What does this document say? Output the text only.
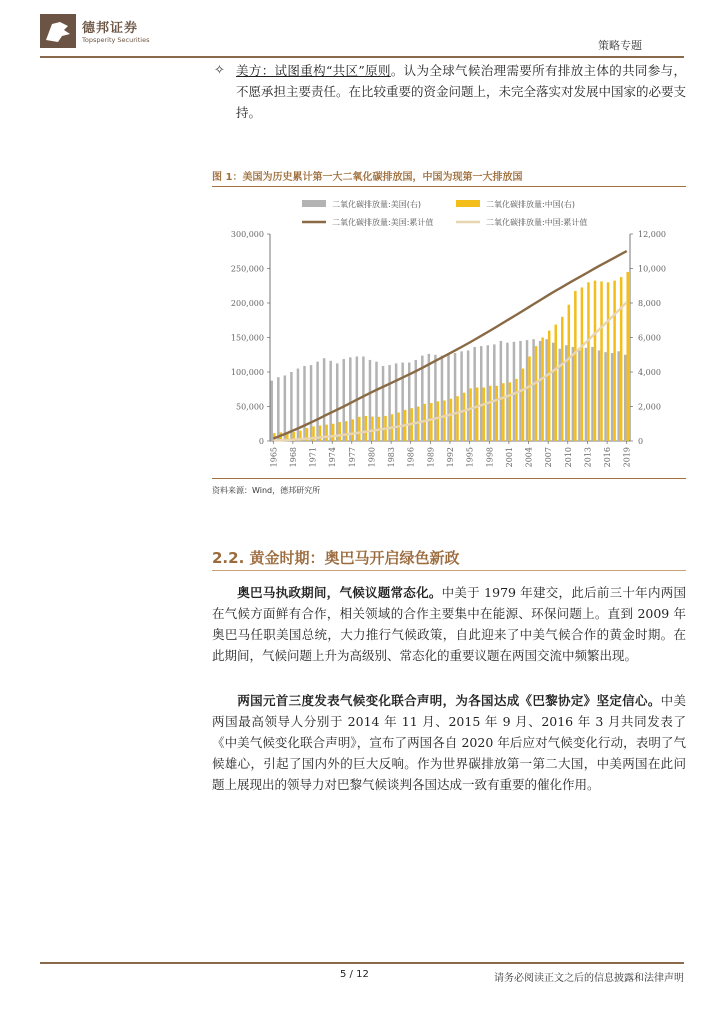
德邦证券
Topsperity Securities	策略专题
✧ 美方：试图重构“共区”原则。认为全球气候治理需要所有排放主体的共同参与，不愿承担主要责任。在比较重要的资金问题上，未完全落实对发展中国家的必要支持。
图 1：美国为历史累计第一大二氧化碳排放国，中国为现第一大排放国
二氧化碳排放量:美国(右)	二氧化碳排放量:中国(右)
二氧化碳排放量:美国:累计值	二氧化碳排放量:中国:累计值
0
50,000
100,000
150,000
200,000
250,000
300,000
0
2,000
4,000
6,000
8,000
10,000
12,000
1965 1968 1971 1974 1977 1980 1983 1986 1989 1992 1995 1998 2001 2004 2007 2010 2013 2016 2019
资料来源：Wind，德邦研究所
2.2. 黄金时期：奥巴马开启绿色新政
奥巴马执政期间，气候议题常态化。中美于 1979 年建交，此后前三十年内两国在气候方面鲜有合作，相关领域的合作主要集中在能源、环保问题上。直到 2009 年奥巴马任职美国总统，大力推行气候政策，自此迎来了中美气候合作的黄金时期。在此期间，气候问题上升为高级别、常态化的重要议题在两国交流中频繁出现。
两国元首三度发表气候变化联合声明，为各国达成《巴黎协定》坚定信心。中美两国最高领导人分别于 2014 年 11 月、2015 年 9 月、2016 年 3 月共同发表了《中美气候变化联合声明》，宣布了两国各自 2020 年后应对气候变化行动，表明了气候雄心，引起了国内外的巨大反响。作为世界碳排放第一第二大国，中美两国在此问题上展现出的领导力对巴黎气候谈判各国达成一致有重要的催化作用。
5 / 12	请务必阅读正文之后的信息披露和法律声明
